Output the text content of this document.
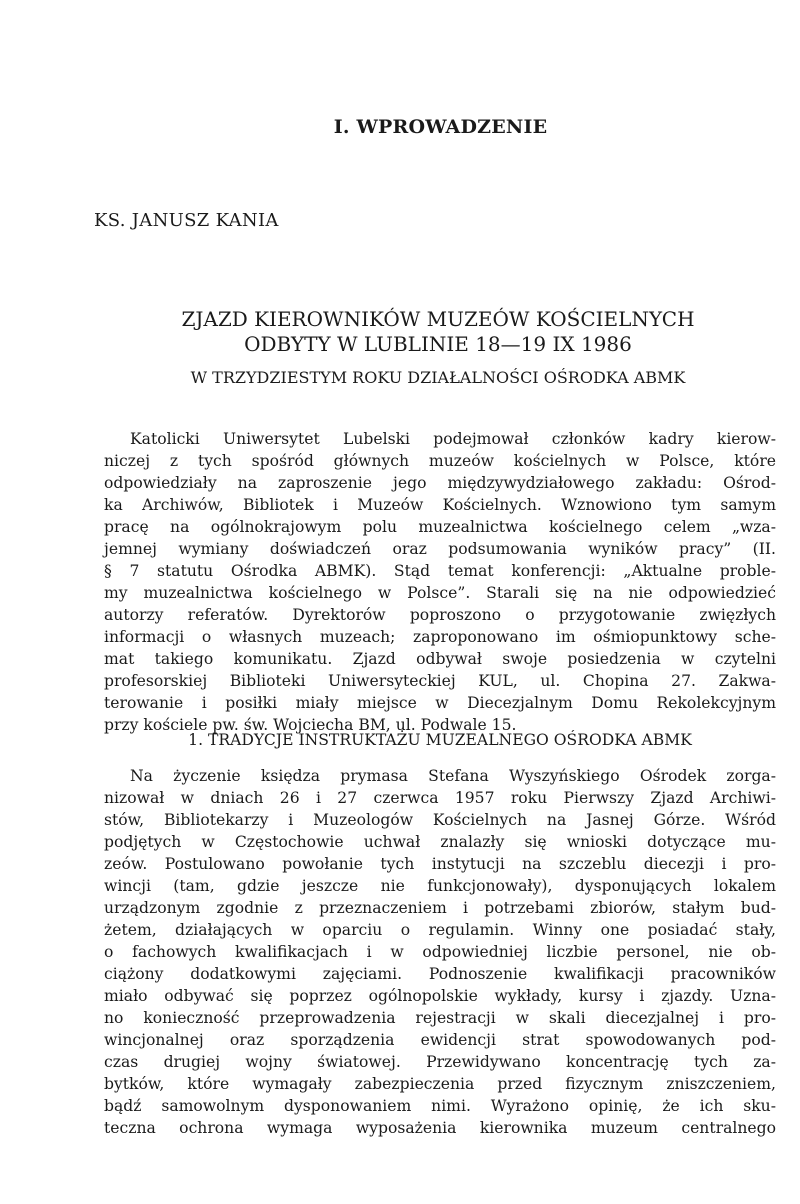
I. WPROWADZENIE
KS. JANUSZ KANIA
ZJAZD KIEROWNIKÓW MUZEÓW KOŚCIELNYCH
ODBYTY W LUBLINIE 18—19 IX 1986
W TRZYDZIESTYM ROKU DZIAŁALNOŚCI OŚRODKA ABMK
Katolicki Uniwersytet Lubelski podejmował członków kadry kierow-
niczej z tych spośród głównych muzeów kościelnych w Polsce, które
odpowiedziały na zaproszenie jego międzywydziałowego zakładu: Ośrod-
ka Archiwów, Bibliotek i Muzeów Kościelnych. Wznowiono tym samym
pracę na ogólnokrajowym polu muzealnictwa kościelnego celem „wza-
jemnej wymiany doświadczeń oraz podsumowania wyników pracy” (II.
§ 7 statutu Ośrodka ABMK). Stąd temat konferencji: „Aktualne proble-
my muzealnictwa kościelnego w Polsce”. Starali się na nie odpowiedzieć
autorzy referatów. Dyrektorów poproszono o przygotowanie zwięzłych
informacji o własnych muzeach; zaproponowano im ośmiopunktowy sche-
mat takiego komunikatu. Zjazd odbywał swoje posiedzenia w czytelni
profesorskiej Biblioteki Uniwersyteckiej KUL, ul. Chopina 27. Zakwa-
terowanie i posiłki miały miejsce w Diecezjalnym Domu Rekolekcyjnym
przy kościele pw. św. Wojciecha BM, ul. Podwale 15.
1. TRADYCJE INSTRUKTAŻU MUZEALNEGO OŚRODKA ABMK
Na życzenie księdza prymasa Stefana Wyszyńskiego Ośrodek zorga-
nizował w dniach 26 i 27 czerwca 1957 roku Pierwszy Zjazd Archiwi-
stów, Bibliotekarzy i Muzeologów Kościelnych na Jasnej Górze. Wśród
podjętych w Częstochowie uchwał znalazły się wnioski dotyczące mu-
zeów. Postulowano powołanie tych instytucji na szczeblu diecezji i pro-
wincji (tam, gdzie jeszcze nie funkcjonowały), dysponujących lokalem
urządzonym zgodnie z przeznaczeniem i potrzebami zbiorów, stałym bud-
żetem, działających w oparciu o regulamin. Winny one posiadać stały,
o fachowych kwalifikacjach i w odpowiedniej liczbie personel, nie ob-
ciążony dodatkowymi zajęciami. Podnoszenie kwalifikacji pracowników
miało odbywać się poprzez ogólnopolskie wykłady, kursy i zjazdy. Uzna-
no konieczność przeprowadzenia rejestracji w skali diecezjalnej i pro-
wincjonalnej oraz sporządzenia ewidencji strat spowodowanych pod-
czas drugiej wojny światowej. Przewidywano koncentrację tych za-
bytków, które wymagały zabezpieczenia przed fizycznym zniszczeniem,
bądź samowolnym dysponowaniem nimi. Wyrażono opinię, że ich sku-
teczna ochrona wymaga wyposażenia kierownika muzeum centralnego
